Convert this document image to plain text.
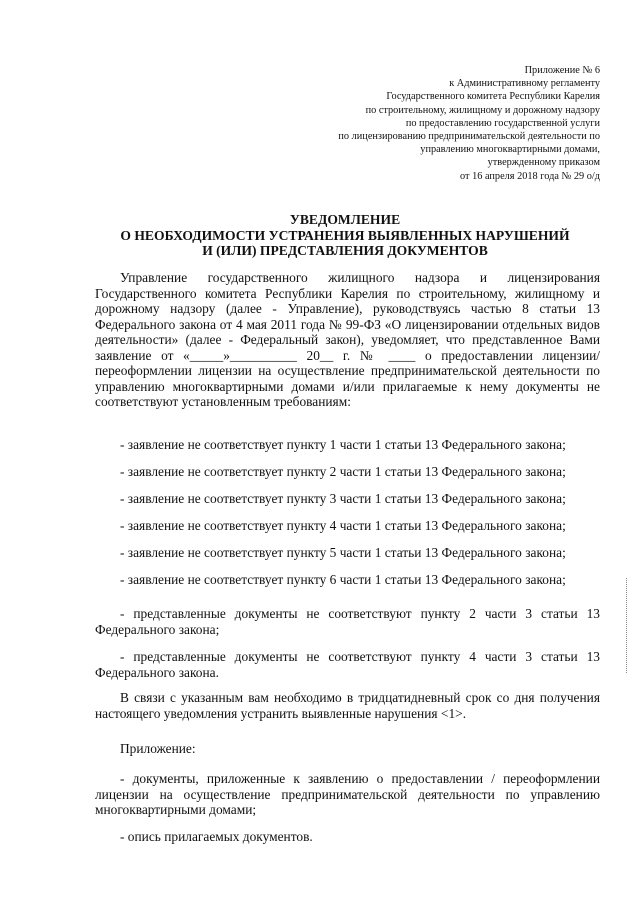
Приложение № 6
к Административному регламенту
Государственного комитета Республики Карелия
по строительному, жилищному и дорожному надзору
по предоставлению государственной услуги
по лицензированию предпринимательской деятельности по
управлению многоквартирными домами,
утвержденному приказом
от 16 апреля 2018 года № 29 о/д
УВЕДОМЛЕНИЕ
О НЕОБХОДИМОСТИ УСТРАНЕНИЯ ВЫЯВЛЕННЫХ НАРУШЕНИЙ
И (ИЛИ) ПРЕДСТАВЛЕНИЯ ДОКУМЕНТОВ
Управление государственного жилищного надзора и лицензирования Государственного комитета Республики Карелия по строительному, жилищному и дорожному надзору (далее - Управление), руководствуясь частью 8 статьи 13 Федерального закона от 4 мая 2011 года № 99-ФЗ «О лицензировании отдельных видов деятельности» (далее - Федеральный закон), уведомляет, что представленное Вами заявление от «_____»__________ 20__ г. № ____ о предоставлении лицензии/переоформлении лицензии на осуществление предпринимательской деятельности по управлению многоквартирными домами и/или прилагаемые к нему документы не соответствуют установленным требованиям:
- заявление не соответствует пункту 1 части 1 статьи 13 Федерального закона;
- заявление не соответствует пункту 2 части 1 статьи 13 Федерального закона;
- заявление не соответствует пункту 3 части 1 статьи 13 Федерального закона;
- заявление не соответствует пункту 4 части 1 статьи 13 Федерального закона;
- заявление не соответствует пункту 5 части 1 статьи 13 Федерального закона;
- заявление не соответствует пункту 6 части 1 статьи 13 Федерального закона;
- представленные документы не соответствуют пункту 2 части 3 статьи 13 Федерального закона;
- представленные документы не соответствуют пункту 4 части 3 статьи 13 Федерального закона.
В связи с указанным вам необходимо в тридцатидневный срок со дня получения настоящего уведомления устранить выявленные нарушения <1>.
Приложение:
- документы, приложенные к заявлению о предоставлении / переоформлении лицензии на осуществление предпринимательской деятельности по управлению многоквартирными домами;
- опись прилагаемых документов.
